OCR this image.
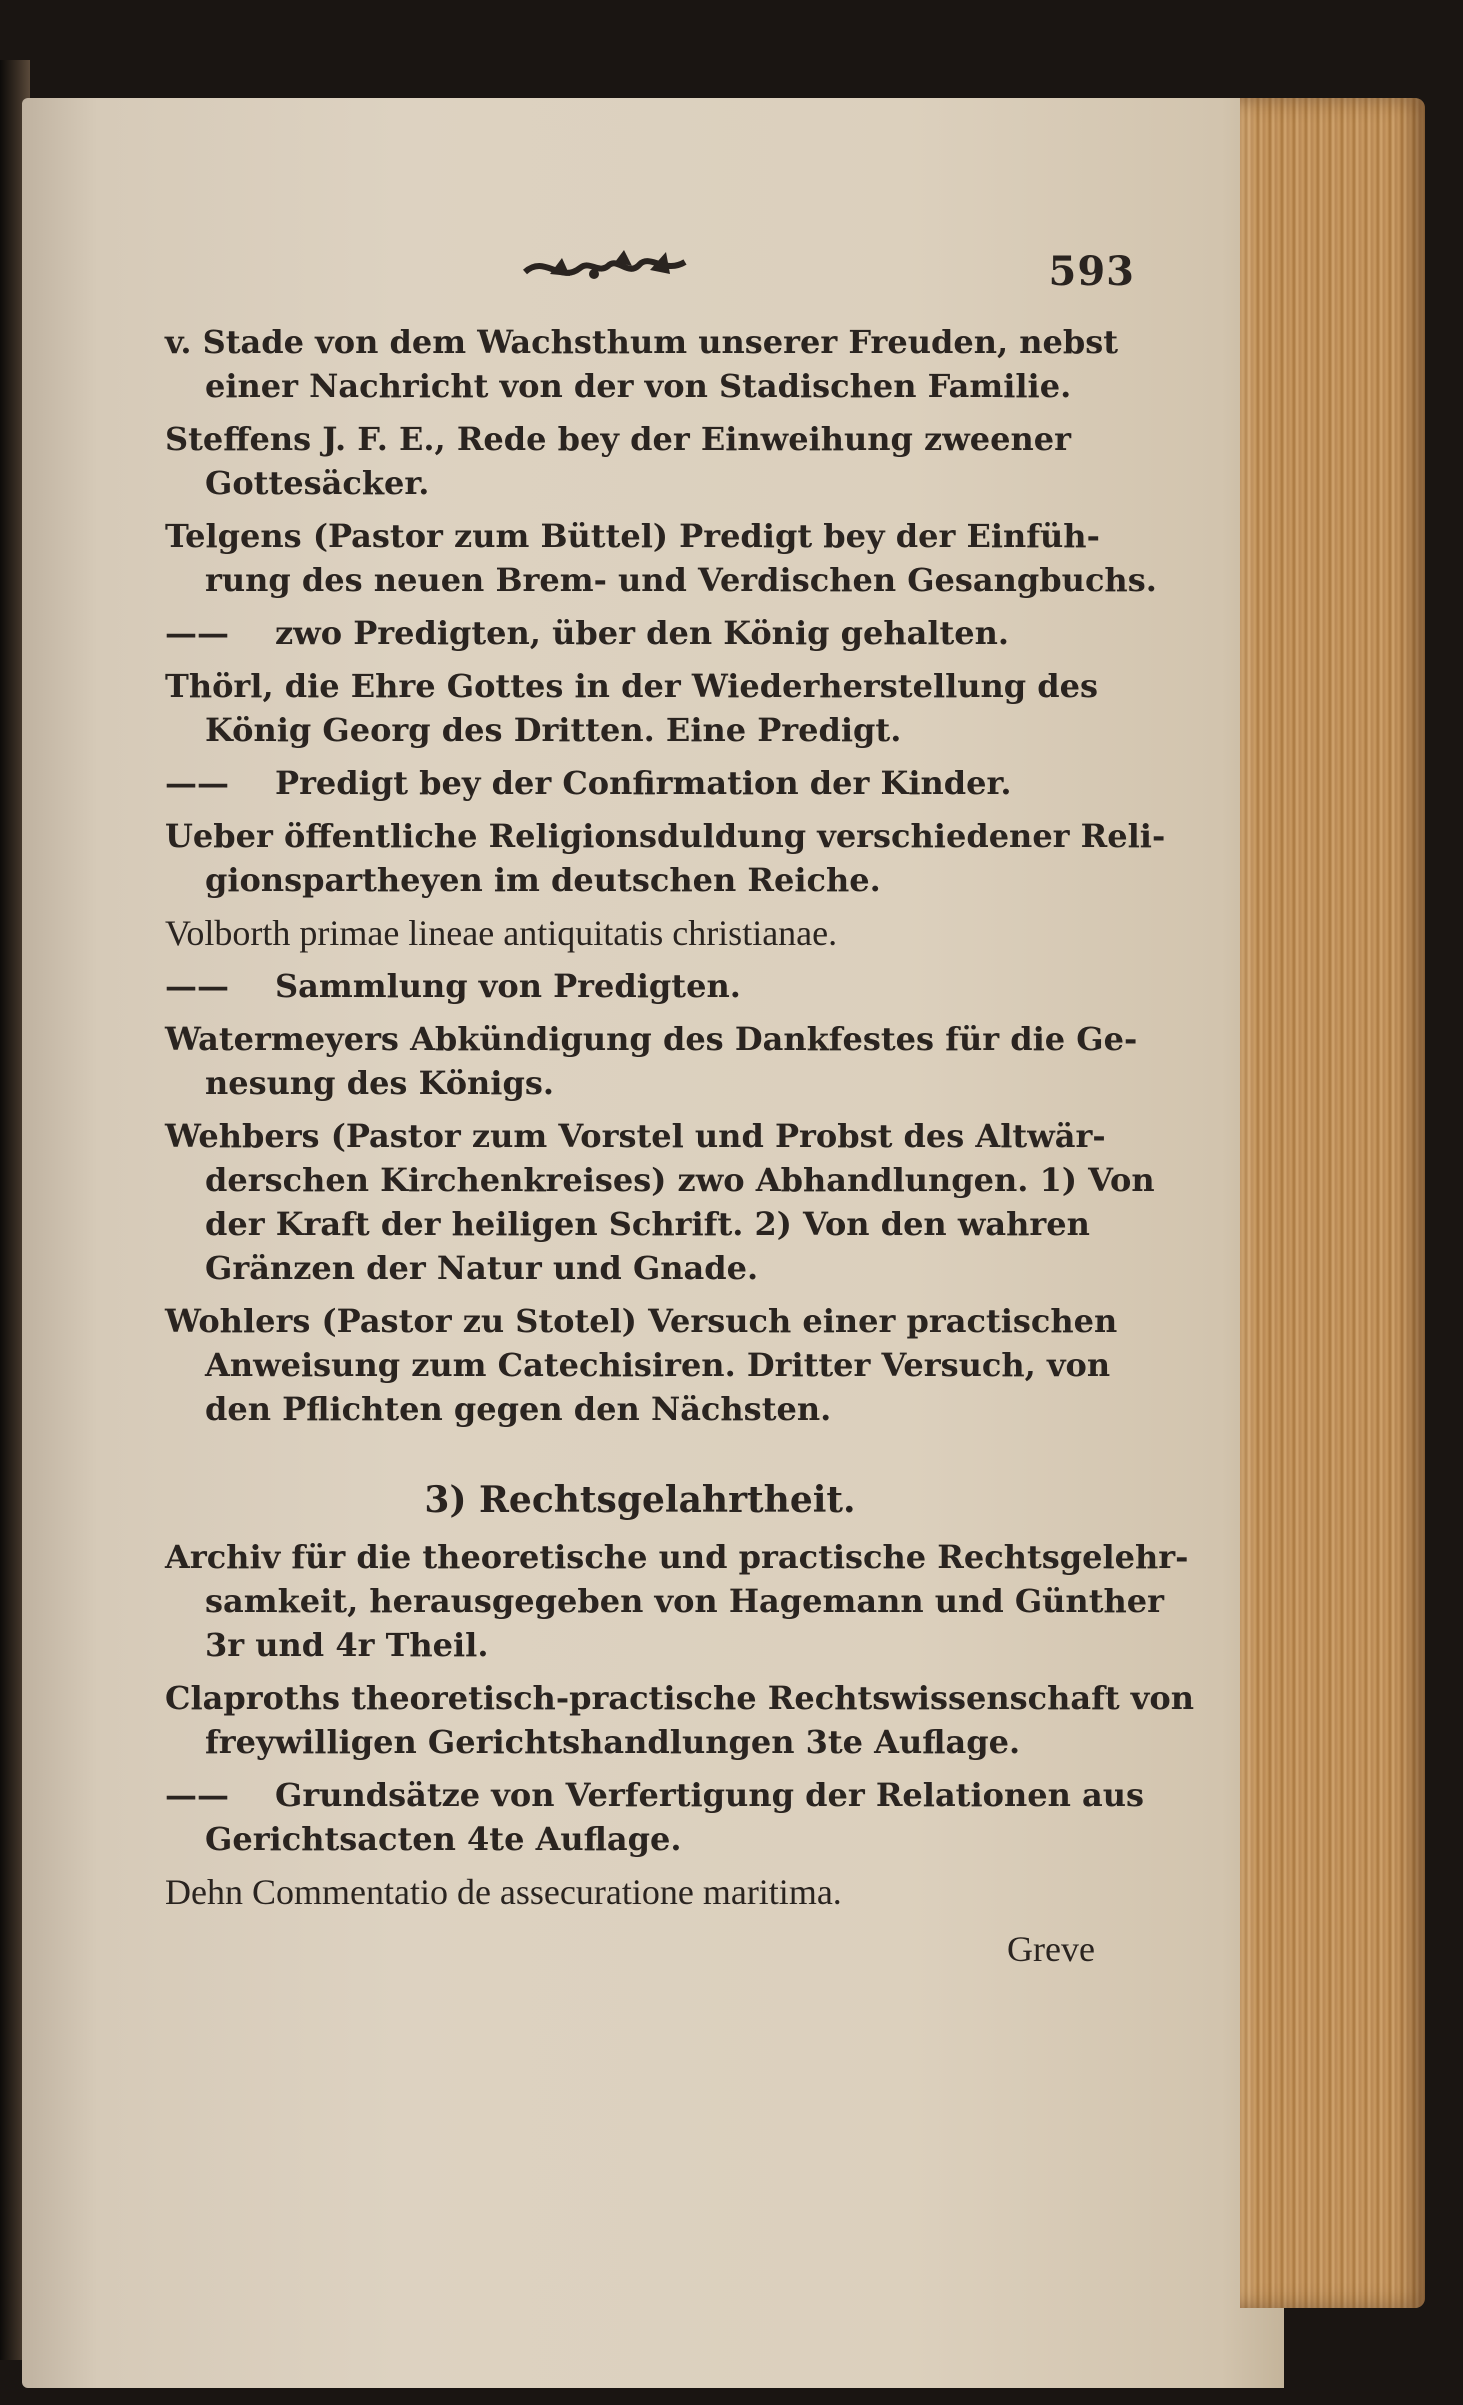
593
v. Stade von dem Wachsthum unserer Freuden, nebst
einer Nachricht von der von Stadischen Familie.
Steffens J. F. E., Rede bey der Einweihung zweener
Gottesäcker.
Telgens (Pastor zum Büttel) Predigt bey der Einfüh-
rung des neuen Brem- und Verdischen Gesangbuchs.
—— zwo Predigten, über den König gehalten.
Thörl, die Ehre Gottes in der Wiederherstellung des
König Georg des Dritten. Eine Predigt.
—— Predigt bey der Confirmation der Kinder.
Ueber öffentliche Religionsduldung verschiedener Reli-
gionspartheyen im deutschen Reiche.
Volborth primae lineae antiquitatis christianae.
—— Sammlung von Predigten.
Watermeyers Abkündigung des Dankfestes für die Ge-
nesung des Königs.
Wehbers (Pastor zum Vorstel und Probst des Altwär-
derschen Kirchenkreises) zwo Abhandlungen. 1) Von
der Kraft der heiligen Schrift. 2) Von den wahren
Gränzen der Natur und Gnade.
Wohlers (Pastor zu Stotel) Versuch einer practischen
Anweisung zum Catechisiren. Dritter Versuch, von
den Pflichten gegen den Nächsten.
3) Rechtsgelahrtheit.
Archiv für die theoretische und practische Rechtsgelehr-
samkeit, herausgegeben von Hagemann und Günther
3r und 4r Theil.
Claproths theoretisch-practische Rechtswissenschaft von
freywilligen Gerichtshandlungen 3te Auflage.
—— Grundsätze von Verfertigung der Relationen aus
Gerichtsacten 4te Auflage.
Dehn Commentatio de assecuratione maritima.
Greve
